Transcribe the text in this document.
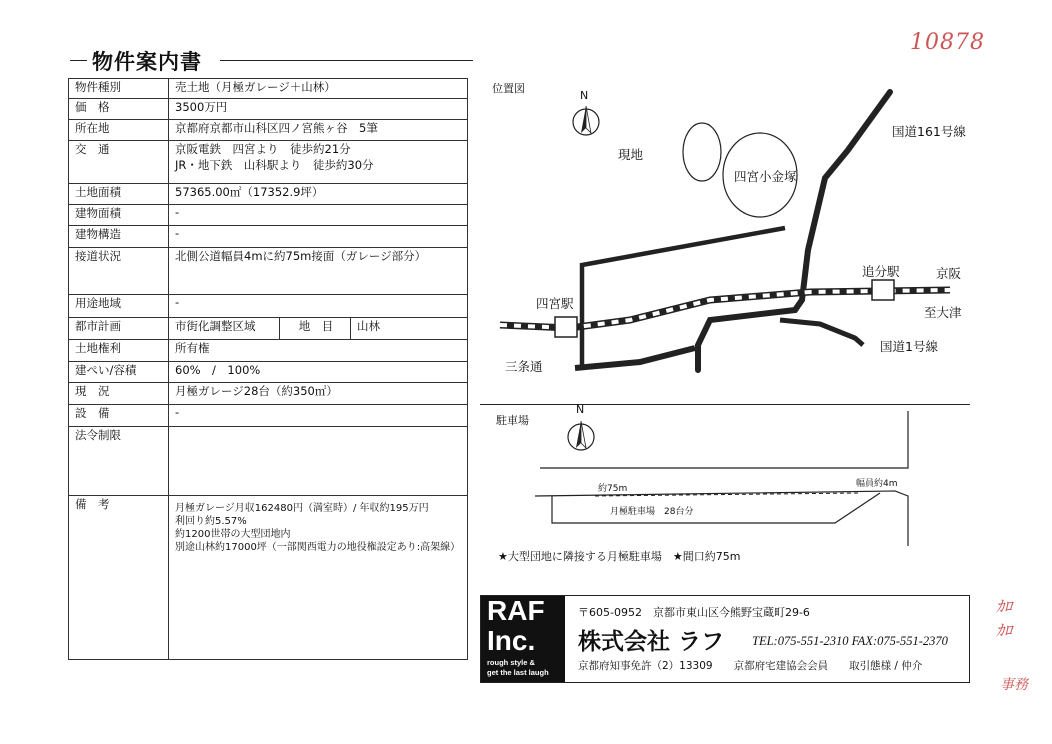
10878
ｶﾛ
ｶﾛ
事務
物件案内書
物件種別	売土地（月極ガレージ＋山林）		
価　格	3500万円		
所在地	京都府京都市山科区四ノ宮熊ヶ谷　5筆		
交　通	京阪電鉄　四宮より　徒歩約21分
JR・地下鉄　山科駅より　徒歩約30分		

土地面積	57365.00㎡（17352.9坪）		
建物面積	-		
建物構造	-		
接道状況	北側公道幅員4mに約75m接面（ガレージ部分）		
用途地域	-		
都市計画	市街化調整区域	地　目	山林
土地権利	所有権		
建ぺい/容積	60%　/　100%		
現　況	月極ガレージ28台（約350㎡）		
設　備	-		
法令制限			
備　考	月極ガレージ月収162480円（満室時）/ 年収約195万円
利回り約5.57%
約1200世帯の大型団地内
別途山林約17000坪（一部関西電力の地役権設定あり:高架線）		
位置図
N
現地
四宮小金塚
国道161号線
追分駅	京阪
至大津
四宮駅
国道1号線
三条通
駐車場
N
約75m	幅員約4m
月極駐車場　28台分
★大型団地に隣接する月極駐車場　★間口約75m
RAF
Inc.
rough style &
get the last laugh
〒605-0952　京都市東山区今熊野宝蔵町29-6
株式会社 ラフ TEL:075-551-2310 FAX:075-551-2370
京都府知事免許（2）13309　　京都府宅建協会会員　　取引態様 / 仲介
